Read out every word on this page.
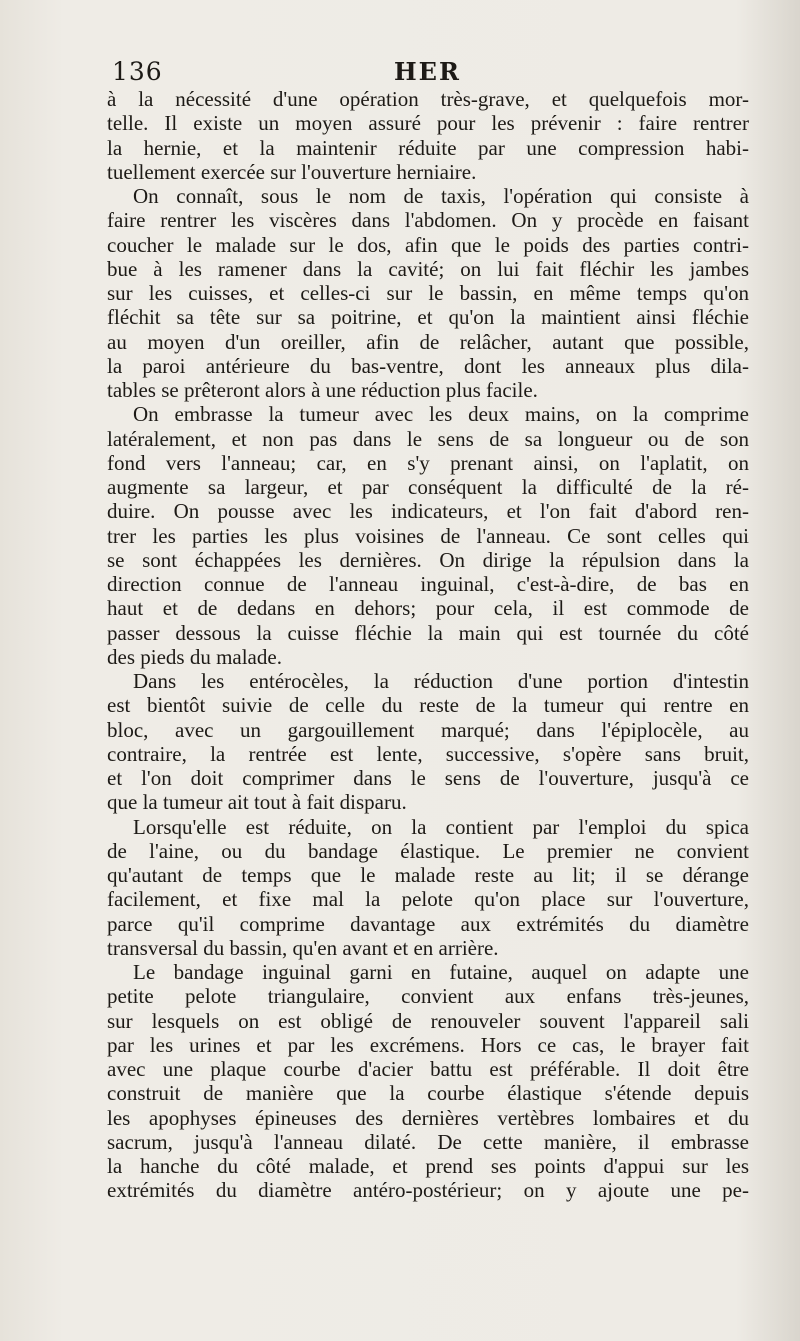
136	HER
à la nécessité d'une opération très-grave, et quelquefois mor-
telle. Il existe un moyen assuré pour les prévenir : faire rentrer
la hernie, et la maintenir réduite par une compression habi-
tuellement exercée sur l'ouverture herniaire.
On connaît, sous le nom de taxis, l'opération qui consiste à
faire rentrer les viscères dans l'abdomen. On y procède en faisant
coucher le malade sur le dos, afin que le poids des parties contri-
bue à les ramener dans la cavité; on lui fait fléchir les jambes
sur les cuisses, et celles-ci sur le bassin, en même temps qu'on
fléchit sa tête sur sa poitrine, et qu'on la maintient ainsi fléchie
au moyen d'un oreiller, afin de relâcher, autant que possible,
la paroi antérieure du bas-ventre, dont les anneaux plus dila-
tables se prêteront alors à une réduction plus facile.
On embrasse la tumeur avec les deux mains, on la comprime
latéralement, et non pas dans le sens de sa longueur ou de son
fond vers l'anneau; car, en s'y prenant ainsi, on l'aplatit, on
augmente sa largeur, et par conséquent la difficulté de la ré-
duire. On pousse avec les indicateurs, et l'on fait d'abord ren-
trer les parties les plus voisines de l'anneau. Ce sont celles qui
se sont échappées les dernières. On dirige la répulsion dans la
direction connue de l'anneau inguinal, c'est-à-dire, de bas en
haut et de dedans en dehors; pour cela, il est commode de
passer dessous la cuisse fléchie la main qui est tournée du côté
des pieds du malade.
Dans les entérocèles, la réduction d'une portion d'intestin
est bientôt suivie de celle du reste de la tumeur qui rentre en
bloc, avec un gargouillement marqué; dans l'épiplocèle, au
contraire, la rentrée est lente, successive, s'opère sans bruit,
et l'on doit comprimer dans le sens de l'ouverture, jusqu'à ce
que la tumeur ait tout à fait disparu.
Lorsqu'elle est réduite, on la contient par l'emploi du spica
de l'aine, ou du bandage élastique. Le premier ne convient
qu'autant de temps que le malade reste au lit; il se dérange
facilement, et fixe mal la pelote qu'on place sur l'ouverture,
parce qu'il comprime davantage aux extrémités du diamètre
transversal du bassin, qu'en avant et en arrière.
Le bandage inguinal garni en futaine, auquel on adapte une
petite pelote triangulaire, convient aux enfans très-jeunes,
sur lesquels on est obligé de renouveler souvent l'appareil sali
par les urines et par les excrémens. Hors ce cas, le brayer fait
avec une plaque courbe d'acier battu est préférable. Il doit être
construit de manière que la courbe élastique s'étende depuis
les apophyses épineuses des dernières vertèbres lombaires et du
sacrum, jusqu'à l'anneau dilaté. De cette manière, il embrasse
la hanche du côté malade, et prend ses points d'appui sur les
extrémités du diamètre antéro-postérieur; on y ajoute une pe-
